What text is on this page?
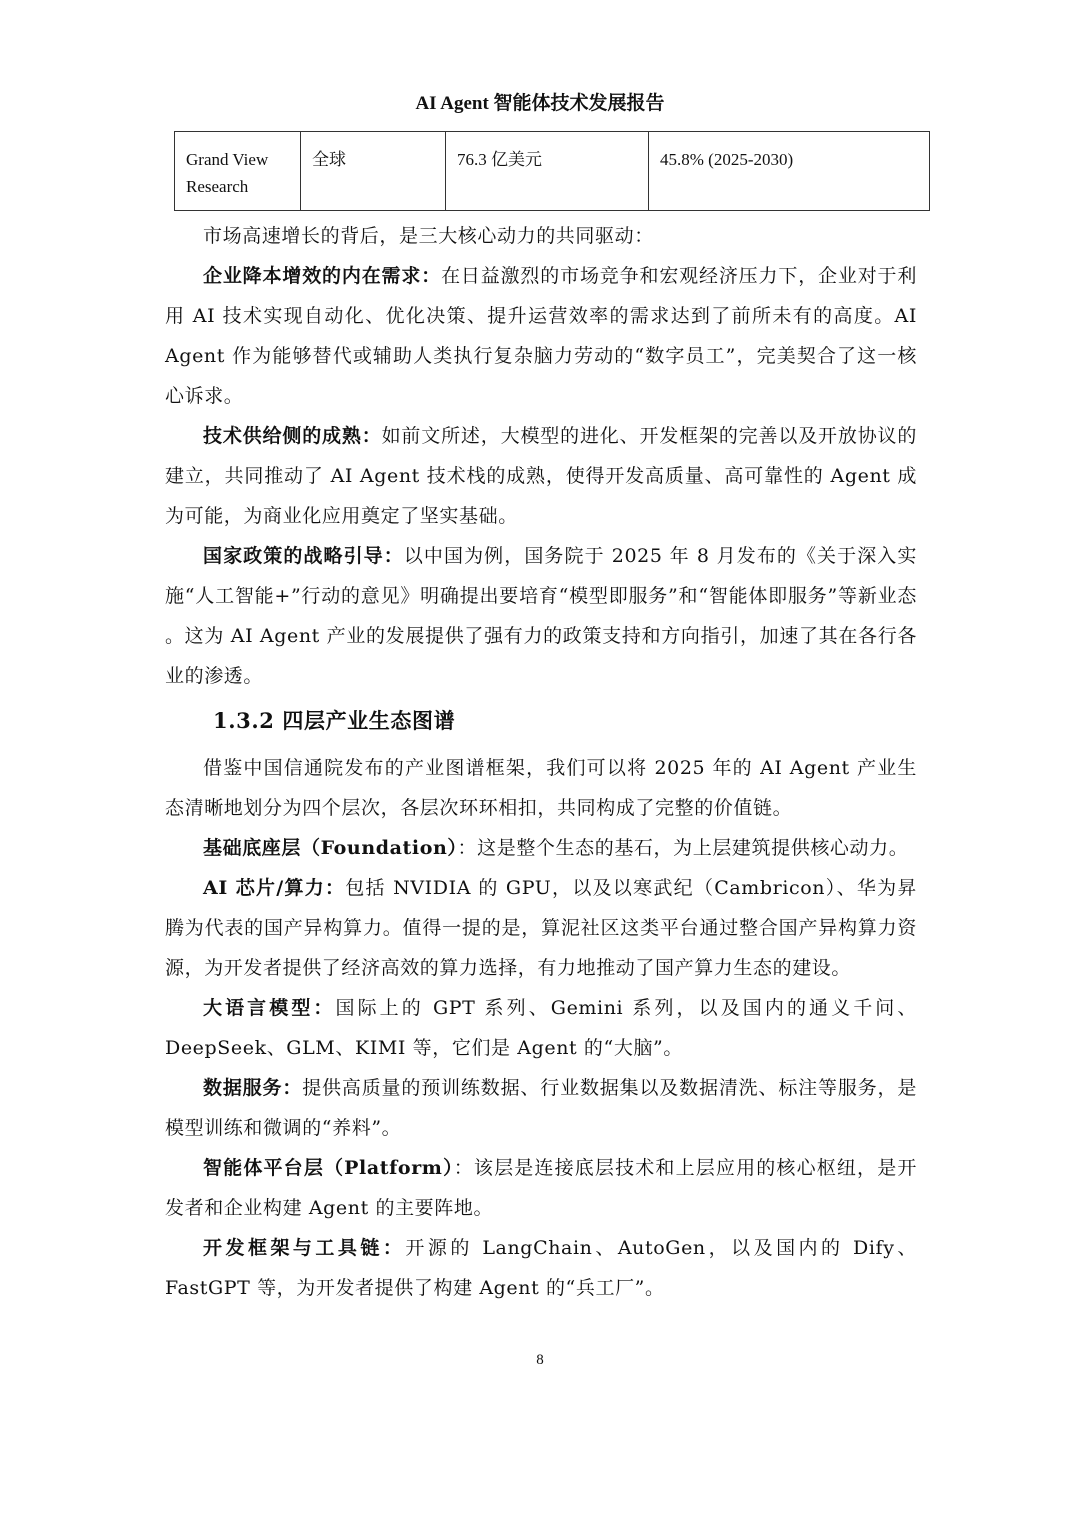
AI Agent 智能体技术发展报告
Grand View Research	全球	76.3 亿美元	45.8% (2025-2030)

市场高速增长的背后，是三大核心动力的共同驱动：

企业降本增效的内在需求：在日益激烈的市场竞争和宏观经济压力下，企业对于利用 AI 技术实现自动化、优化决策、提升运营效率的需求达到了前所未有的高度。AI Agent 作为能够替代或辅助人类执行复杂脑力劳动的“数字员工”，完美契合了这一核心诉求。

技术供给侧的成熟：如前文所述，大模型的进化、开发框架的完善以及开放协议的建立，共同推动了 AI Agent 技术栈的成熟，使得开发高质量、高可靠性的 Agent 成为可能，为商业化应用奠定了坚实基础。

国家政策的战略引导：以中国为例，国务院于 2025 年 8 月发布的《关于深入实施“人工智能+”行动的意见》明确提出要培育“模型即服务”和“智能体即服务”等新业态 。这为 AI Agent 产业的发展提供了强有力的政策支持和方向指引，加速了其在各行各业的渗透。

1.3.2 四层产业生态图谱

借鉴中国信通院发布的产业图谱框架，我们可以将 2025 年的 AI Agent 产业生态清晰地划分为四个层次，各层次环环相扣，共同构成了完整的价值链。

基础底座层（Foundation）：这是整个生态的基石，为上层建筑提供核心动力。

AI 芯片/算力：包括 NVIDIA 的 GPU，以及以寒武纪（Cambricon）、华为昇腾为代表的国产异构算力。值得一提的是，算泥社区这类平台通过整合国产异构算力资源，为开发者提供了经济高效的算力选择，有力地推动了国产算力生态的建设。

大语言模型：国际上的 GPT 系列、Gemini 系列，以及国内的通义千问、DeepSeek、GLM、KIMI 等，它们是 Agent 的“大脑”。

数据服务：提供高质量的预训练数据、行业数据集以及数据清洗、标注等服务，是模型训练和微调的“养料”。

智能体平台层（Platform）：该层是连接底层技术和上层应用的核心枢纽，是开发者和企业构建 Agent 的主要阵地。

开发框架与工具链：开源的 LangChain、AutoGen，以及国内的 Dify、FastGPT 等，为开发者提供了构建 Agent 的“兵工厂”。

8
